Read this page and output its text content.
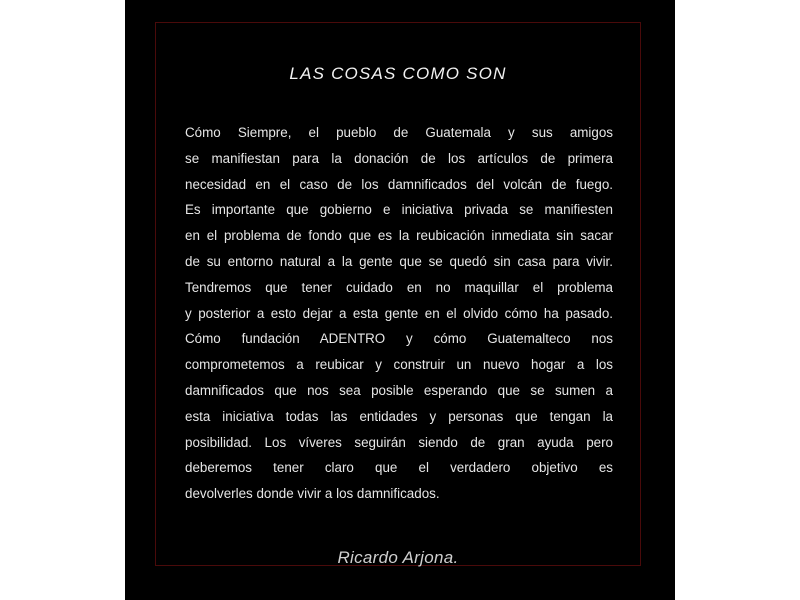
LAS COSAS COMO SON
Cómo Siempre, el pueblo de Guatemala y sus amigos
se manifiestan para la donación de los artículos de primera
necesidad en el caso de los damnificados del volcán de fuego.
Es importante que gobierno e iniciativa privada se manifiesten
en el problema de fondo que es la reubicación inmediata sin sacar
de su entorno natural a la gente que se quedó sin casa para vivir.
Tendremos que tener cuidado en no maquillar el problema
y posterior a esto dejar a esta gente en el olvido cómo ha pasado.
Cómo fundación ADENTRO y cómo Guatemalteco nos
comprometemos a reubicar y construir un nuevo hogar a los
damnificados que nos sea posible esperando que se sumen a
esta iniciativa todas las entidades y personas que tengan la
posibilidad. Los víveres seguirán siendo de gran ayuda pero
deberemos tener claro que el verdadero objetivo es
devolverles donde vivir a los damnificados.
Ricardo Arjona.
